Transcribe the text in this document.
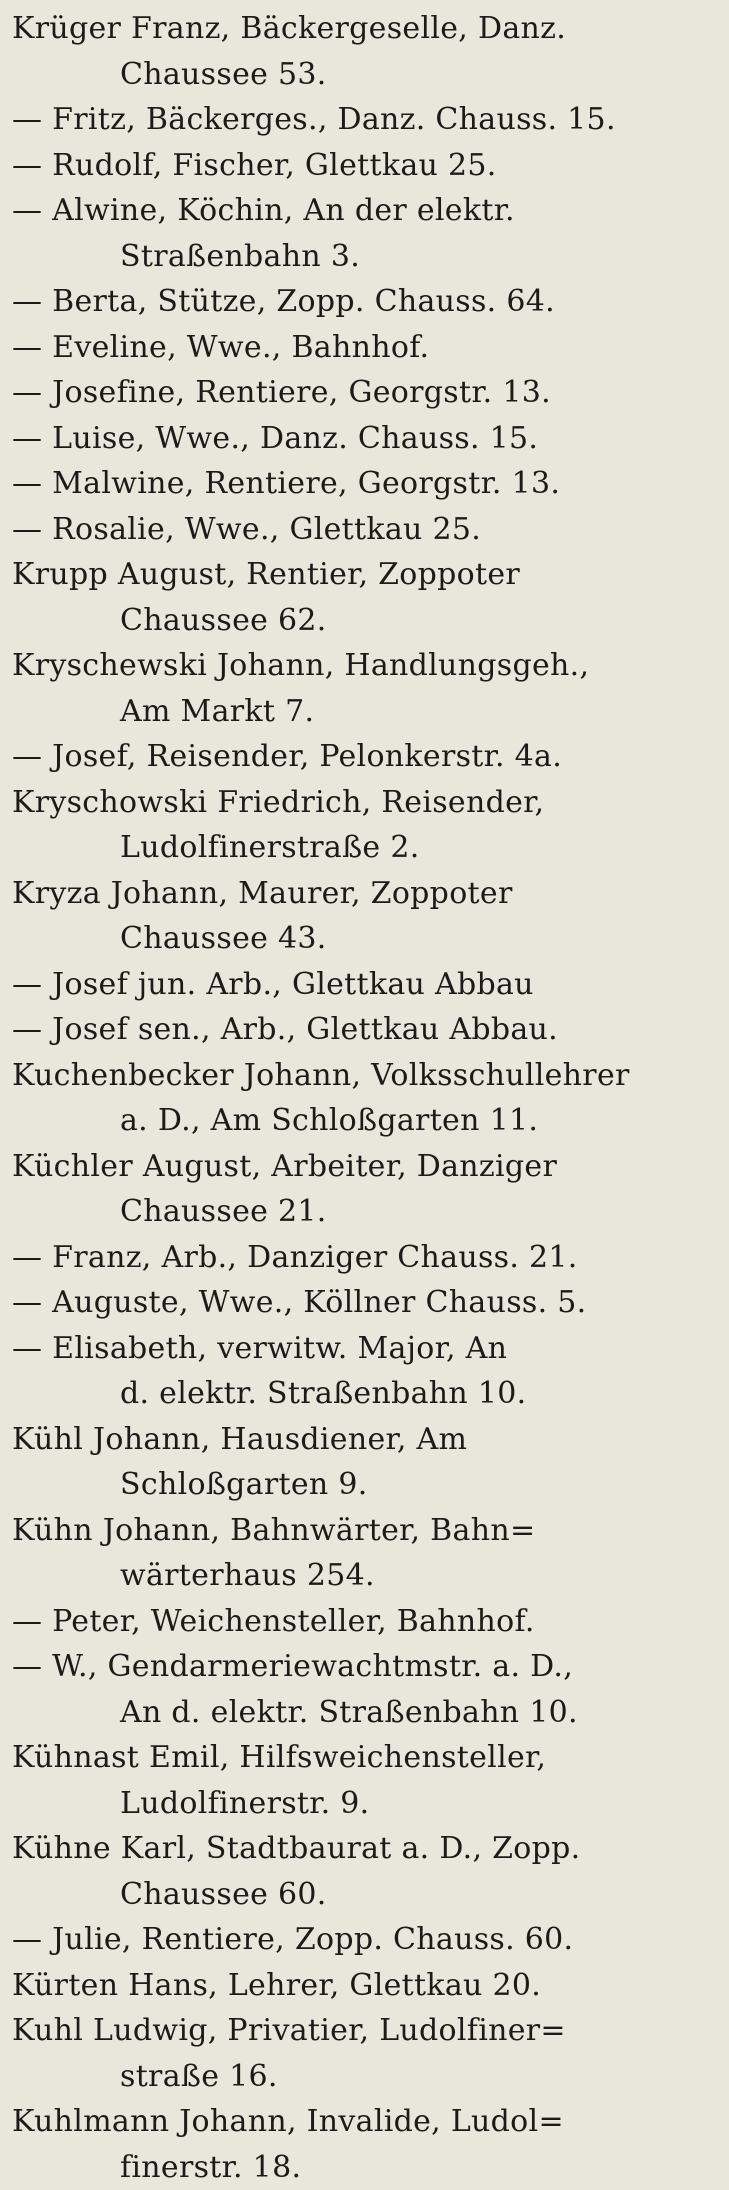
Krüger Franz, Bäckergeselle, Danz.
Chaussee 53.
— Fritz, Bäckerges., Danz. Chauss. 15.
— Rudolf, Fischer, Glettkau 25.
— Alwine, Köchin, An der elektr.
Straßenbahn 3.
— Berta, Stütze, Zopp. Chauss. 64.
— Eveline, Wwe., Bahnhof.
— Josefine, Rentiere, Georgstr. 13.
— Luise, Wwe., Danz. Chauss. 15.
— Malwine, Rentiere, Georgstr. 13.
— Rosalie, Wwe., Glettkau 25.
Krupp August, Rentier, Zoppoter
Chaussee 62.
Kryschewski Johann, Handlungsgeh.,
Am Markt 7.
— Josef, Reisender, Pelonkerstr. 4a.
Kryschowski Friedrich, Reisender,
Ludolfinerstraße 2.
Kryza Johann, Maurer, Zoppoter
Chaussee 43.
— Josef jun. Arb., Glettkau Abbau
— Josef sen., Arb., Glettkau Abbau.
Kuchenbecker Johann, Volksschullehrer
a. D., Am Schloßgarten 11.
Küchler August, Arbeiter, Danziger
Chaussee 21.
— Franz, Arb., Danziger Chauss. 21.
— Auguste, Wwe., Köllner Chauss. 5.
— Elisabeth, verwitw. Major, An
d. elektr. Straßenbahn 10.
Kühl Johann, Hausdiener, Am
Schloßgarten 9.
Kühn Johann, Bahnwärter, Bahn=
wärterhaus 254.
— Peter, Weichensteller, Bahnhof.
— W., Gendarmeriewachtmstr. a. D.,
An d. elektr. Straßenbahn 10.
Kühnast Emil, Hilfsweichensteller,
Ludolfinerstr. 9.
Kühne Karl, Stadtbaurat a. D., Zopp.
Chaussee 60.
— Julie, Rentiere, Zopp. Chauss. 60.
Kürten Hans, Lehrer, Glettkau 20.
Kuhl Ludwig, Privatier, Ludolfiner=
straße 16.
Kuhlmann Johann, Invalide, Ludol=
finerstr. 18.
